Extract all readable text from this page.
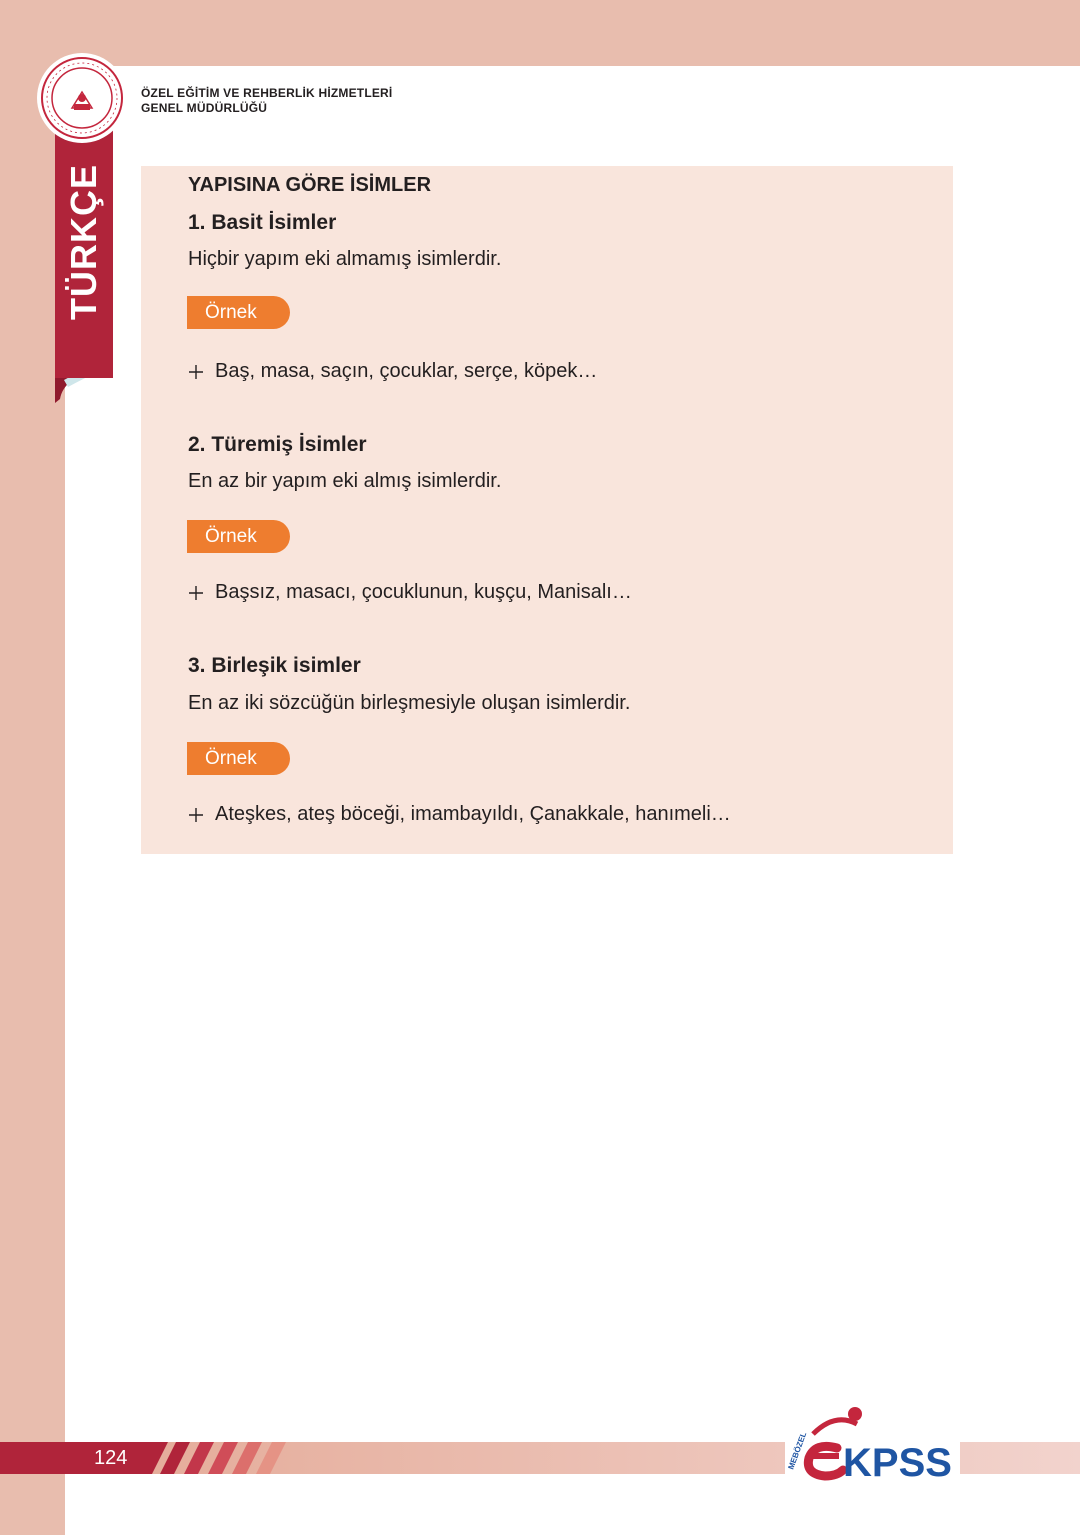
TÜRKÇE
ÖZEL EĞİTİM VE REHBERLİK HİZMETLERİ
GENEL MÜDÜRLÜĞÜ
YAPISINA GÖRE İSİMLER
1. Basit İsimler
Hiçbir yapım eki almamış isimlerdir.
Örnek
Baş, masa, saçın, çocuklar, serçe, köpek…
2. Türemiş İsimler
En az bir yapım eki almış isimlerdir.
Örnek
Başsız, masacı, çocuklunun, kuşçu, Manisalı…
3. Birleşik isimler
En az iki sözcüğün birleşmesiyle oluşan isimlerdir.
Örnek
Ateşkes, ateş böceği, imambayıldı, Çanakkale, hanımeli…
124	MEBÖZEL KPSS
